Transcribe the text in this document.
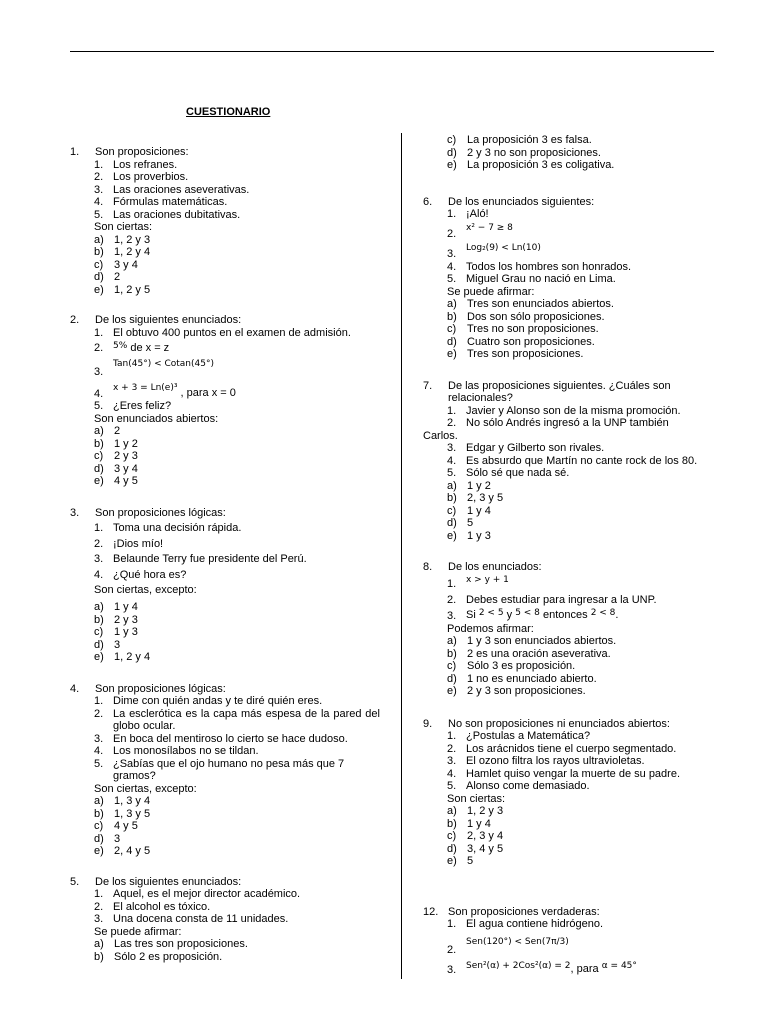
CUESTIONARIO
1.	Son proposiciones:
1. Los refranes.
2. Los proverbios.
3. Las oraciones aseverativas.
4. Fórmulas matemáticas.
5. Las oraciones dubitativas.
Son ciertas:
a) 1, 2 y 3
b) 1, 2 y 4
c) 3 y 4
d) 2
e) 1, 2 y 5
2.	De los siguientes enunciados:
1. El obtuvo 400 puntos en el examen de admisión.
2.	$^{5\%}$ de x = z
3.
$^{Tan(45^\circ) < Cotan(45^\circ)}$
4.	$^{x + 3 = Ln(e)^3}$ , para x = 0
5. ¿Eres feliz?
Son enunciados abiertos:
a) 2
b) 1 y 2
c) 2 y 3
d) 3 y 4
e) 4 y 5
3.	Son proposiciones lógicas:
1. Toma una decisión rápida.
2. ¡Dios mío!
3. Belaunde Terry fue presidente del Perú.
4. ¿Qué hora es?
Son ciertas, excepto:
a) 1 y 4
b) 2 y 3
c) 1 y 3
d) 3
e) 1, 2 y 4
4.	Son proposiciones lógicas:
1. Dime con quién andas y te diré quién eres.
2. La esclerótica es la capa más espesa de la pared del globo ocular.
3. En boca del mentiroso lo cierto se hace dudoso.
4. Los monosílabos no se tildan.
5. ¿Sabías que el ojo humano no pesa más que 7 gramos?
Son ciertas, excepto:
a) 1, 3 y 4
b) 1, 3 y 5
c) 4 y 5
d) 3
e) 2, 4 y 5
5.	De los siguientes enunciados:
1. Aquel, es el mejor director académico.
2. El alcohol es tóxico.
3. Una docena consta de 11 unidades.
Se puede afirmar:
a) Las tres son proposiciones.
b) Sólo 2 es proposición.
c) La proposición 3 es falsa.
d) 2 y 3 no son proposiciones.
e) La proposición 3 es coligativa.
6.	De los enunciados siguientes:
1. ¡Aló!
2.	$^{x^2 - 7 \ge 8}$
3.	$^{Log_2(9) < Ln(10)}$
4. Todos los hombres son honrados.
5. Miguel Grau no nació en Lima.
Se puede afirmar:
a) Tres son enunciados abiertos.
b) Dos son sólo proposiciones.
c) Tres no son proposiciones.
d) Cuatro son proposiciones.
e) Tres son proposiciones.
7.	De las proposiciones siguientes. ¿Cuáles son relacionales?
1. Javier y Alonso son de la misma promoción.
2. No sólo Andrés ingresó a la UNP también
Carlos.
3. Edgar y Gilberto son rivales.
4. Es absurdo que Martín no cante rock de los 80.
5. Sólo sé que nada sé.
a) 1 y 2
b) 2, 3 y 5
c) 1 y 4
d) 5
e) 1 y 3
8.	De los enunciados:
1.	$^{x > y + 1}$
2. Debes estudiar para ingresar a la UNP.
3. Si $^{2 < 5}$ y $^{5 < 8}$ entonces $^{2 < 8}$.
Podemos afirmar:
a) 1 y 3 son enunciados abiertos.
b) 2 es una oración aseverativa.
c) Sólo 3 es proposición.
d) 1 no es enunciado abierto.
e) 2 y 3 son proposiciones.
9.	No son proposiciones ni enunciados abiertos:
1. ¿Postulas a Matemática?
2. Los arácnidos tiene el cuerpo segmentado.
3. El ozono filtra los rayos ultravioletas.
4. Hamlet quiso vengar la muerte de su padre.
5. Alonso come demasiado.
Son ciertas:
a) 1, 2 y 3
b) 1 y 4
c) 2, 3 y 4
d) 3, 4 y 5
e) 5
12. Son proposiciones verdaderas:
1. El agua contiene hidrógeno.
2.
$^{Sen(120^\circ) < Sen(7\pi/3)}$
3.	$^{Sen^2(\alpha) + 2Cos^2(\alpha) = 2}$, para $^{\alpha = 45^\circ}$
